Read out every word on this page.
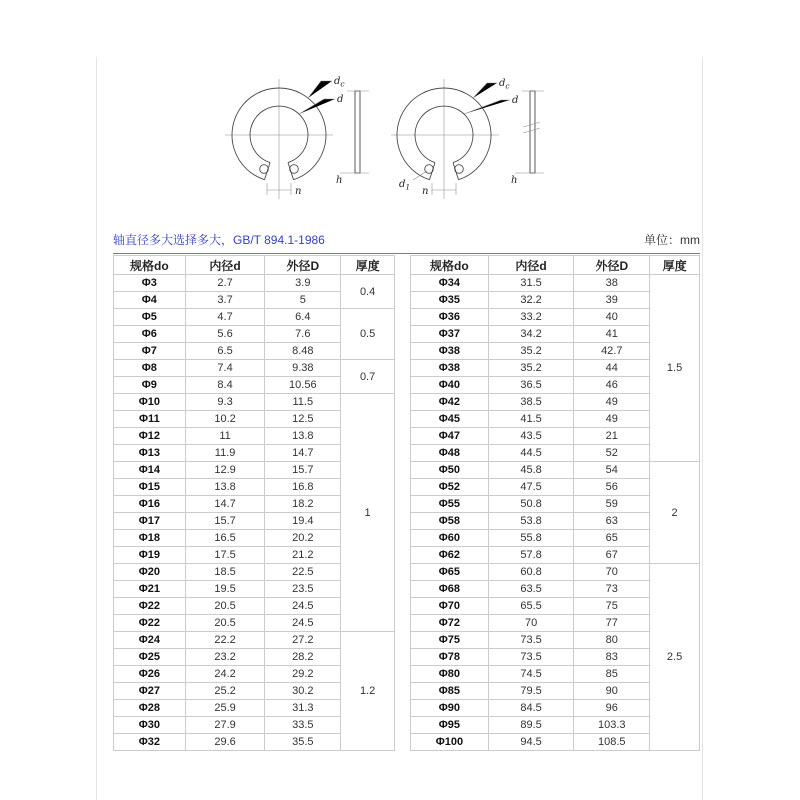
n
$d_c$
d
h	$d_1$ n
$d_c$
d
h
轴直径多大选择多大，GB/T 894.1-1986	单位：mm
规格do	内径d	外径D	厚度
Φ3	2.7	3.9	0.4
Φ4	3.7	5	
Φ5	4.7	6.4	0.5
Φ6	5.6	7.6	
Φ7	6.5	8.48	
Φ8	7.4	9.38	0.7
Φ9	8.4	10.56	
Φ10	9.3	11.5	1
Φ11	10.2	12.5	
Φ12	11	13.8	
Φ13	11.9	14.7	
Φ14	12.9	15.7	
Φ15	13.8	16.8	
Φ16	14.7	18.2	
Φ17	15.7	19.4	
Φ18	16.5	20.2	
Φ19	17.5	21.2	
Φ20	18.5	22.5	
Φ21	19.5	23.5	
Φ22	20.5	24.5	
Φ22	20.5	24.5	
Φ24	22.2	27.2	1.2
Φ25	23.2	28.2	
Φ26	24.2	29.2	
Φ27	25.2	30.2	
Φ28	25.9	31.3	
Φ30	27.9	33.5	
Φ32	29.6	35.5	
规格do	内径d	外径D	厚度
Φ34	31.5	38	1.5
Φ35	32.2	39	
Φ36	33.2	40	
Φ37	34.2	41	
Φ38	35.2	42.7	
Φ38	35.2	44	
Φ40	36.5	46	
Φ42	38.5	49	
Φ45	41.5	49	
Φ47	43.5	21	
Φ48	44.5	52	
Φ50	45.8	54	2
Φ52	47.5	56	
Φ55	50.8	59	
Φ58	53.8	63	
Φ60	55.8	65	
Φ62	57.8	67	
Φ65	60.8	70	2.5
Φ68	63.5	73	
Φ70	65.5	75	
Φ72	70	77	
Φ75	73.5	80	
Φ78	73.5	83	
Φ80	74.5	85	
Φ85	79.5	90	
Φ90	84.5	96	
Φ95	89.5	103.3	
Φ100	94.5	108.5	
